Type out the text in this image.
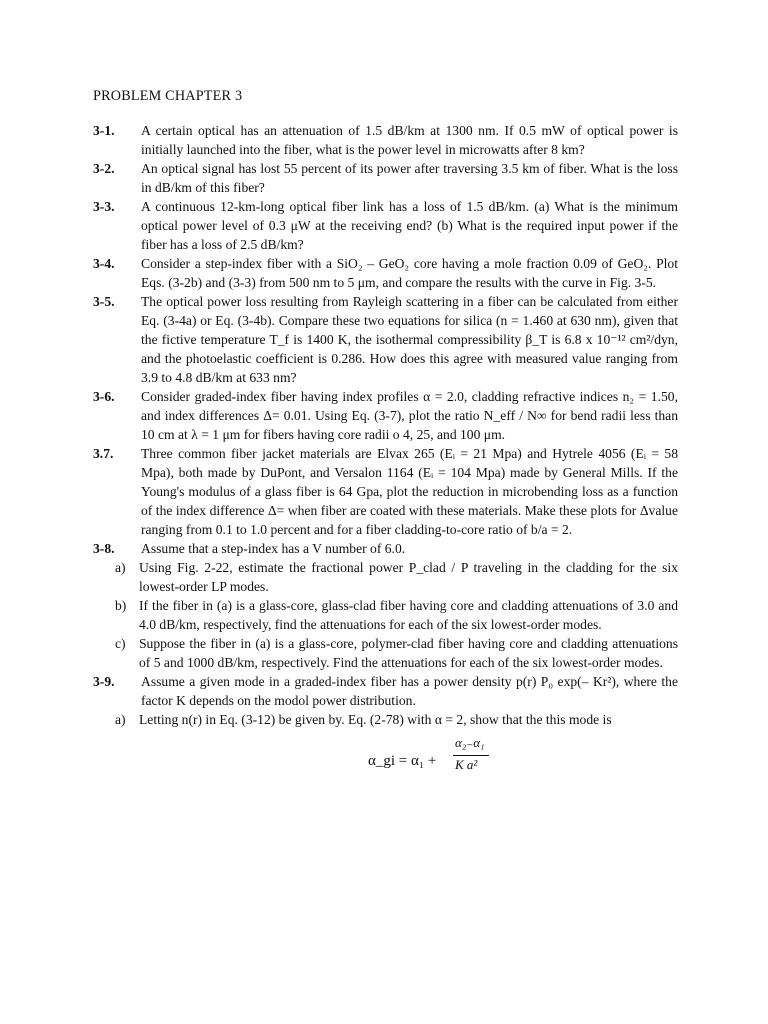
PROBLEM CHAPTER 3
3-1.	A certain optical has an attenuation of 1.5 dB/km at 1300 nm. If 0.5 mW of optical power is initially launched into the fiber, what is the power level in microwatts after 8 km?
3-2.	An optical signal has lost 55 percent of its power after traversing 3.5 km of fiber. What is the loss in dB/km of this fiber?
3-3.	A continuous 12-km-long optical fiber link has a loss of 1.5 dB/km. (a) What is the minimum optical power level of 0.3 μW at the receiving end? (b) What is the required input power if the fiber has a loss of 2.5 dB/km?
3-4.	Consider a step-index fiber with a SiO₂ – GeO₂ core having a mole fraction 0.09 of GeO₂. Plot Eqs. (3-2b) and (3-3) from 500 nm to 5 μm, and compare the results with the curve in Fig. 3-5.
3-5.	The optical power loss resulting from Rayleigh scattering in a fiber can be calculated from either Eq. (3-4a) or Eq. (3-4b). Compare these two equations for silica (n = 1.460 at 630 nm), given that the fictive temperature T_f is 1400 K, the isothermal compressibility β_T is 6.8 x 10⁻¹² cm²/dyn, and the photoelastic coefficient is 0.286. How does this agree with measured value ranging from 3.9 to 4.8 dB/km at 633 nm?
3-6.	Consider graded-index fiber having index profiles α = 2.0, cladding refractive indices n₂ = 1.50, and index differences Δ= 0.01. Using Eq. (3-7), plot the ratio N_eff / N∞ for bend radii less than 10 cm at λ = 1 μm for fibers having core radii o 4, 25, and 100 μm.
3.7.	Three common fiber jacket materials are Elvax 265 (Eᵢ = 21 Mpa) and Hytrele 4056 (Eᵢ = 58 Mpa), both made by DuPont, and Versalon 1164 (Eᵢ = 104 Mpa) made by General Mills. If the Young's modulus of a glass fiber is 64 Gpa, plot the reduction in microbending loss as a function of the index difference Δ= when fiber are coated with these materials. Make these plots for Δvalue ranging from 0.1 to 1.0 percent and for a fiber cladding-to-core ratio of b/a = 2.
3-8.	Assume that a step-index has a V number of 6.0.
a) Using Fig. 2-22, estimate the fractional power P_clad / P traveling in the cladding for the six lowest-order LP modes.
b) If the fiber in (a) is a glass-core, glass-clad fiber having core and cladding attenuations of 3.0 and 4.0 dB/km, respectively, find the attenuations for each of the six lowest-order modes.
c) Suppose the fiber in (a) is a glass-core, polymer-clad fiber having core and cladding attenuations of 5 and 1000 dB/km, respectively. Find the attenuations for each of the six lowest-order modes.
3-9.	Assume a given mode in a graded-index fiber has a power density p(r) P₀ exp(– Kr²), where the factor K depends on the modol power distribution.
a) Letting n(r) in Eq. (3-12) be given by. Eq. (2-78) with α = 2, show that the this mode is
α_gi = α₁ +
α₂₋α₁
K a²
